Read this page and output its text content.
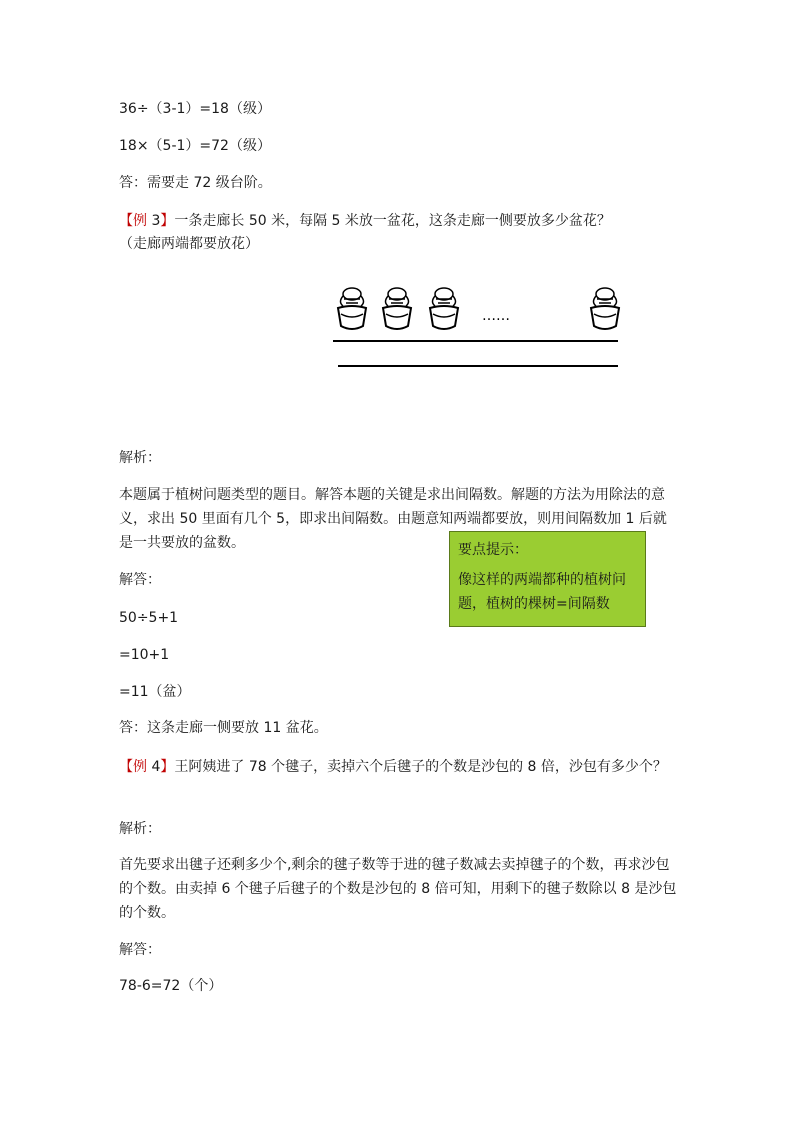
36÷（3-1）=18（级）
18×（5-1）=72（级）
答：需要走 72 级台阶。
【例 3】一条走廊长 50 米，每隔 5 米放一盆花，这条走廊一侧要放多少盆花？
（走廊两端都要放花）
……
解析：
本题属于植树问题类型的题目。解答本题的关键是求出间隔数。解题的方法为用除法的意义，求出 50 里面有几个 5，即求出间隔数。由题意知两端都要放，则用间隔数加 1 后就是一共要放的盆数。	要点提示：
像这样的两端都种的植树问题，植树的棵树=间隔数
解答：
50÷5+1
=10+1
=11（盆）
答：这条走廊一侧要放 11 盆花。
【例 4】王阿姨进了 78 个毽子，卖掉六个后毽子的个数是沙包的 8 倍，沙包有多少个？
解析：
首先要求出毽子还剩多少个,剩余的毽子数等于进的毽子数减去卖掉毽子的个数，再求沙包的个数。由卖掉 6 个毽子后毽子的个数是沙包的 8 倍可知，用剩下的毽子数除以 8 是沙包的个数。
解答：
78-6=72（个）
